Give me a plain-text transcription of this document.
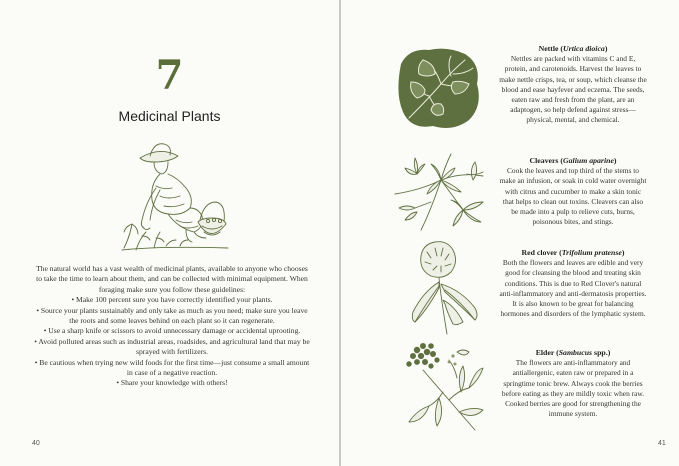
7
Medicinal Plants

The natural world has a vast wealth of medicinal plants, available to anyone who chooses to take the time to learn about them, and can be collected with minimal equipment. When foraging make sure you follow these guidelines:

• Make 100 percent sure you have correctly identified your plants.
• Source your plants sustainably and only take as much as you need; make sure you leave the roots and some leaves behind on each plant so it can regenerate.
• Use a sharp knife or scissors to avoid unnecessary damage or accidental uprooting.
• Avoid polluted areas such as industrial areas, roadsides, and agricultural land that may be sprayed with fertilizers.
• Be cautious when trying new wild foods for the first time—just consume a small amount in case of a negative reaction.
• Share your knowledge with others!
40
Nettle (Urtica dioica)

Nettles are packed with vitamins C and E, protein, and carotenoids. Harvest the leaves to make nettle crisps, tea, or soup, which cleanse the blood and ease hayfever and eczema. The seeds, eaten raw and fresh from the plant, are an adaptogen, so help defend against stress—physical, mental, and chemical.

Cleavers (Galium aparine)

Cook the leaves and top third of the stems to make an infusion, or soak in cold water overnight with citrus and cucumber to make a skin tonic that helps to clean out toxins. Cleavers can also be made into a pulp to relieve cuts, burns, poisonous bites, and stings.

Red clover (Trifolium pratense)

Both the flowers and leaves are edible and very good for cleansing the blood and treating skin conditions. This is due to Red Clover's natural anti-inflammatory and anti-dermatosis properties. It is also known to be great for balancing hormones and disorders of the lymphatic system.

Elder (Sambucus spp.)

The flowers are anti-inflammatory and antiallergenic, eaten raw or prepared in a springtime tonic brew. Always cook the berries before eating as they are mildly toxic when raw. Cooked berries are good for strengthening the immune system.

41
